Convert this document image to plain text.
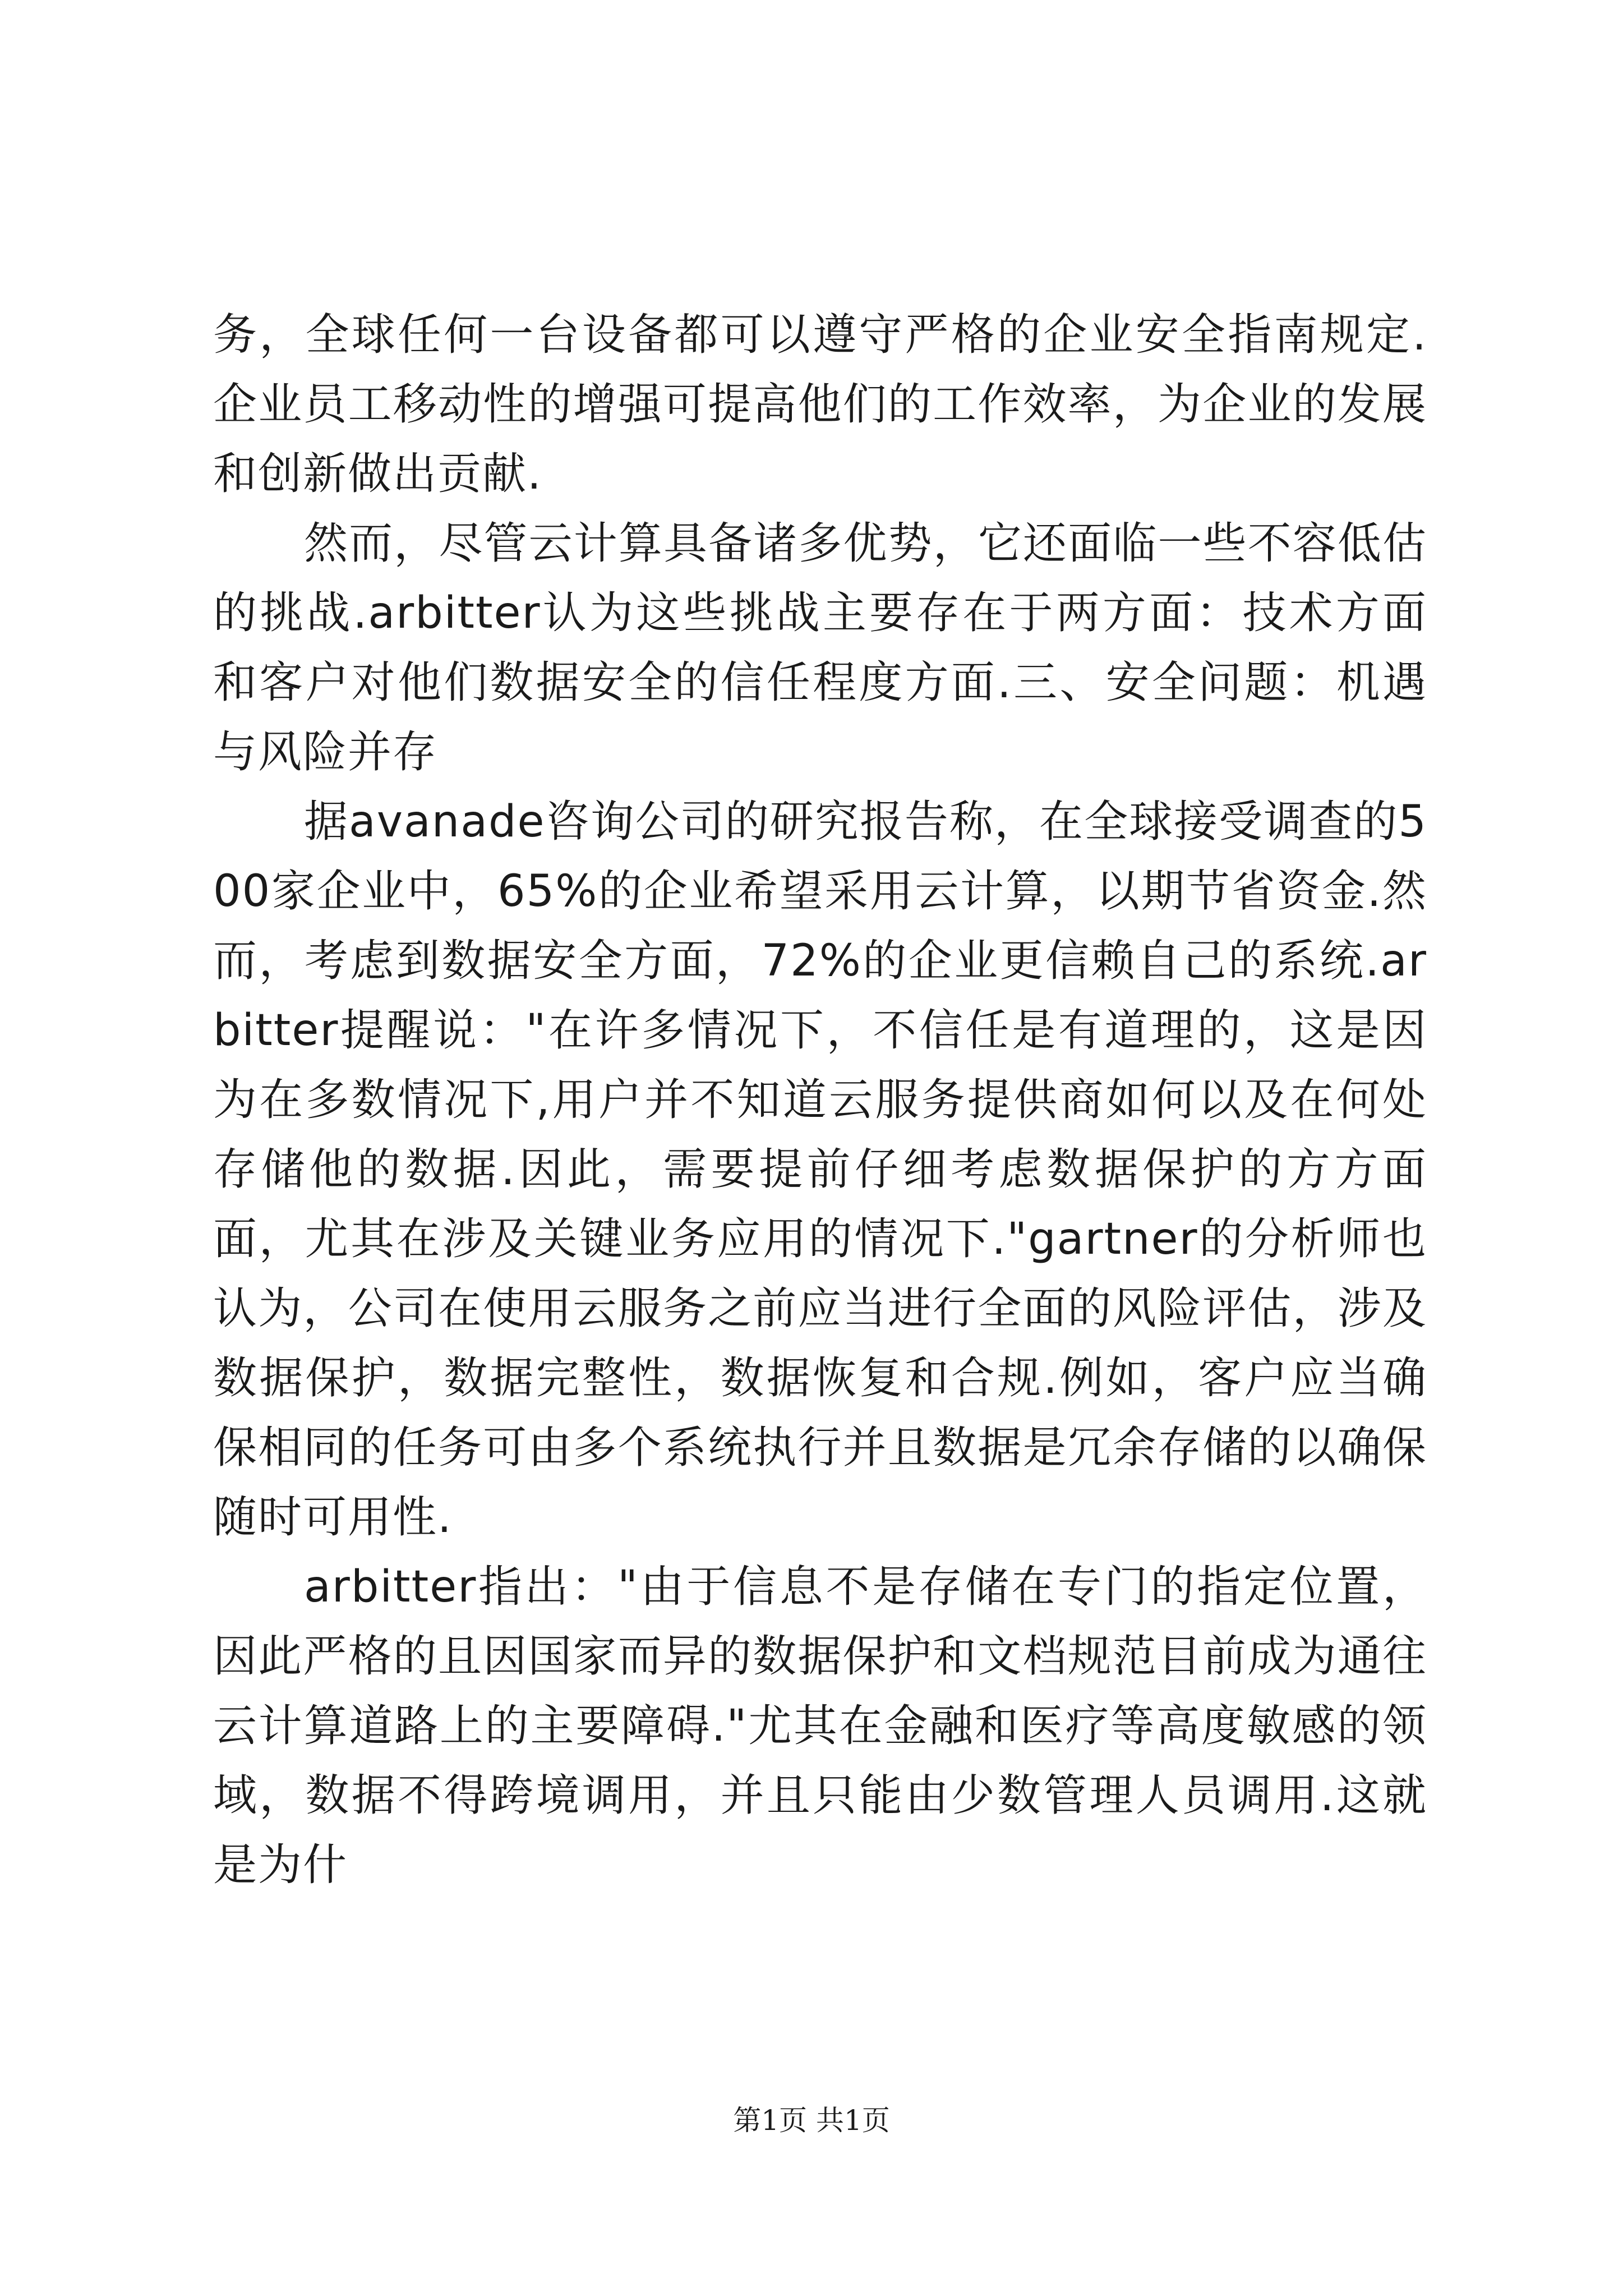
务，全球任何一台设备都可以遵守严格的企业安全指南规定.企业员工移动性的增强可提高他们的工作效率，为企业的发展和创新做出贡献.

然而，尽管云计算具备诸多优势，它还面临一些不容低估的挑战.arbitter认为这些挑战主要存在于两方面：技术方面和客户对他们数据安全的信任程度方面.三、安全问题：机遇与风险并存

据avanade咨询公司的研究报告称，在全球接受调查的500家企业中，65%的企业希望采用云计算，以期节省资金.然而，考虑到数据安全方面，72%的企业更信赖自己的系统.arbitter提醒说："在许多情况下，不信任是有道理的，这是因为在多数情况下,用户并不知道云服务提供商如何以及在何处存储他的数据.因此，需要提前仔细考虑数据保护的方方面面，尤其在涉及关键业务应用的情况下."gartner的分析师也认为，公司在使用云服务之前应当进行全面的风险评估，涉及数据保护，数据完整性，数据恢复和合规.例如，客户应当确保相同的任务可由多个系统执行并且数据是冗余存储的以确保随时可用性.

arbitter指出："由于信息不是存储在专门的指定位置，因此严格的且因国家而异的数据保护和文档规范目前成为通往云计算道路上的主要障碍."尤其在金融和医疗等高度敏感的领域，数据不得跨境调用，并且只能由少数管理人员调用.这就是为什

第1页 共1页
